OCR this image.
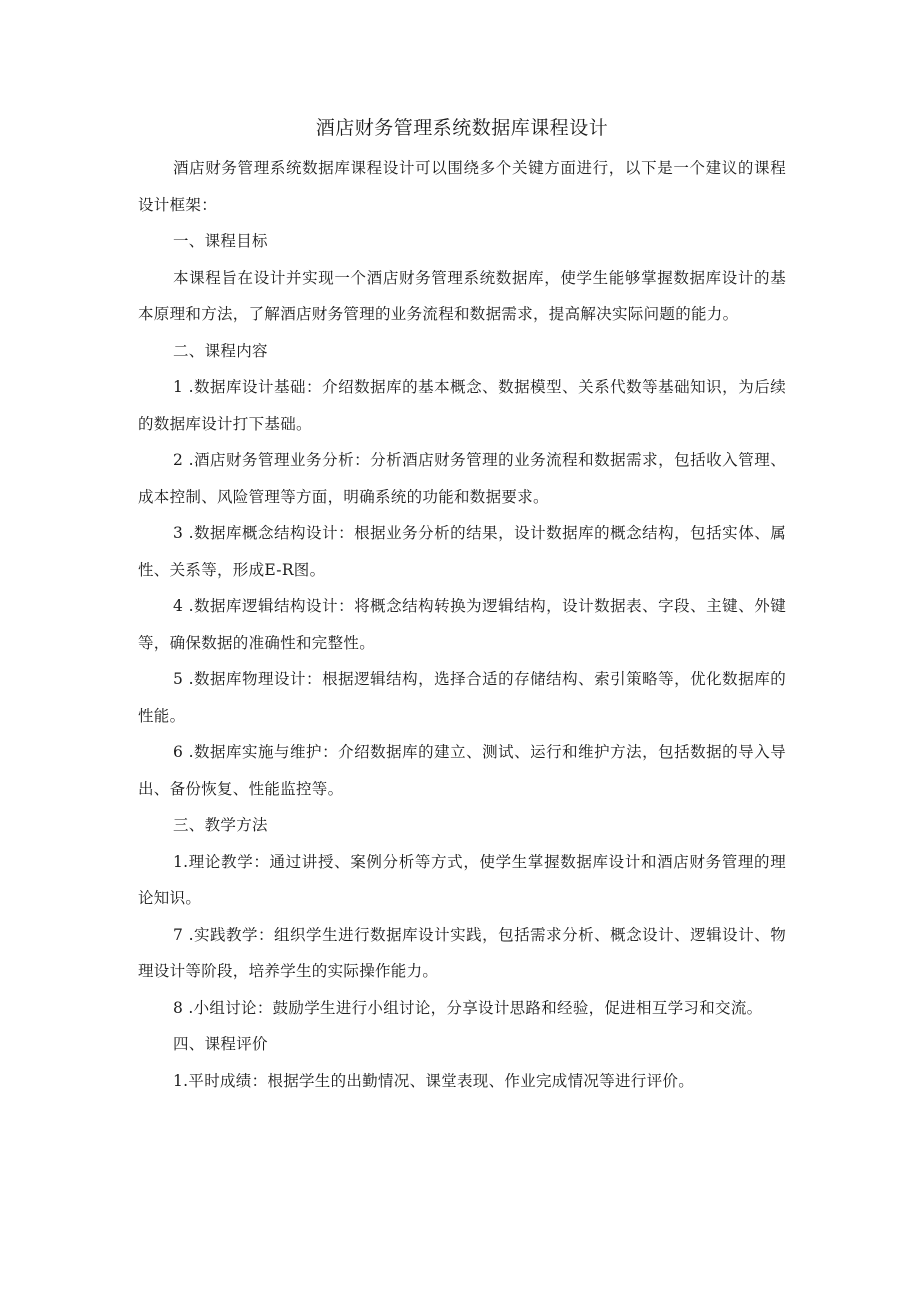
酒店财务管理系统数据库课程设计

酒店财务管理系统数据库课程设计可以围绕多个关键方面进行，以下是一个建议的课程设计框架：

一、课程目标

本课程旨在设计并实现一个酒店财务管理系统数据库，使学生能够掌握数据库设计的基本原理和方法，了解酒店财务管理的业务流程和数据需求，提高解决实际问题的能力。

二、课程内容

1 .数据库设计基础：介绍数据库的基本概念、数据模型、关系代数等基础知识，为后续的数据库设计打下基础。

2 .酒店财务管理业务分析：分析酒店财务管理的业务流程和数据需求，包括收入管理、成本控制、风险管理等方面，明确系统的功能和数据要求。

3 .数据库概念结构设计：根据业务分析的结果，设计数据库的概念结构，包括实体、属性、关系等，形成E-R图。

4 .数据库逻辑结构设计：将概念结构转换为逻辑结构，设计数据表、字段、主键、外键等，确保数据的准确性和完整性。

5 .数据库物理设计：根据逻辑结构，选择合适的存储结构、索引策略等，优化数据库的性能。

6 .数据库实施与维护：介绍数据库的建立、测试、运行和维护方法，包括数据的导入导出、备份恢复、性能监控等。

三、教学方法

1.理论教学：通过讲授、案例分析等方式，使学生掌握数据库设计和酒店财务管理的理论知识。

7 .实践教学：组织学生进行数据库设计实践，包括需求分析、概念设计、逻辑设计、物理设计等阶段，培养学生的实际操作能力。

8 .小组讨论：鼓励学生进行小组讨论，分享设计思路和经验，促进相互学习和交流。

四、课程评价

1.平时成绩：根据学生的出勤情况、课堂表现、作业完成情况等进行评价。
